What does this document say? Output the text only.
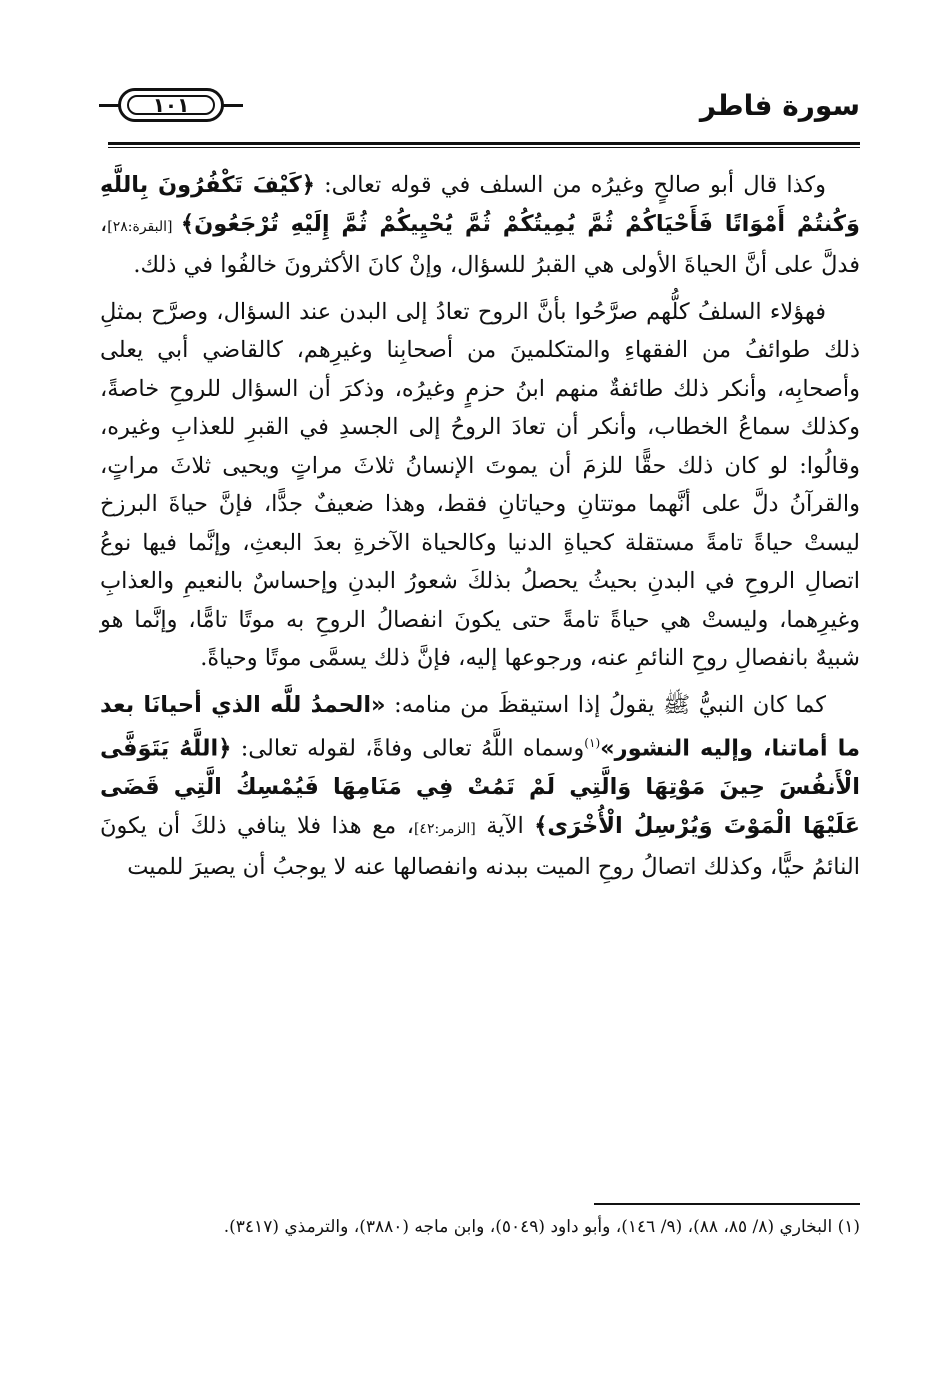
سورة فاطر
١٠١

وكذا قال أبو صالحٍ وغيرُه من السلف في قوله تعالى: ﴿كَيْفَ تَكْفُرُونَ بِاللَّهِ وَكُنتُمْ أَمْوَاتًا فَأَحْيَاكُمْ ثُمَّ يُمِيتُكُمْ ثُمَّ يُحْيِيكُمْ ثُمَّ إِلَيْهِ تُرْجَعُونَ﴾ [البقرة:٢٨]، فدلَّ على أنَّ الحياةَ الأولى هي القبرُ للسؤال، وإنْ كانَ الأكثرونَ خالفُوا في ذلك.

فهؤلاء السلفُ كلُّهم صرَّحُوا بأنَّ الروح تعادُ إلى البدن عند السؤال، وصرَّح بمثلِ ذلك طوائفُ من الفقهاءِ والمتكلمينَ من أصحابِنا وغيرِهم، كالقاضي أبي يعلى وأصحابِه، وأنكر ذلك طائفةٌ منهم ابنُ حزمٍ وغيرُه، وذكرَ أن السؤال للروحِ خاصةً، وكذلك سماعُ الخطاب، وأنكر أن تعادَ الروحُ إلى الجسدِ في القبرِ للعذابِ وغيره، وقالُوا: لو كان ذلك حقًّا للزمَ أن يموتَ الإنسانُ ثلاثَ مراتٍ ويحيى ثلاثَ مراتٍ، والقرآنُ دلَّ على أنَّهما موتتانِ وحياتانِ فقط، وهذا ضعيفٌ جدًّا، فإنَّ حياةَ البرزخ ليستْ حياةً تامةً مستقلة كحياةِ الدنيا وكالحياة الآخرةِ بعدَ البعثِ، وإنَّما فيها نوعُ اتصالِ الروحِ في البدنِ بحيثُ يحصلُ بذلكَ شعورُ البدنِ وإحساسٌ بالنعيمِ والعذابِ وغيرِهما، وليستْ هي حياةً تامةً حتى يكونَ انفصالُ الروحِ به موتًا تامًّا، وإنَّما هو شبيهٌ بانفصالِ روحِ النائمِ عنه، ورجوعها إليه، فإنَّ ذلك يسمَّى موتًا وحياةً.

كما كان النبيُّ ﷺ يقولُ إذا استيقظَ من منامه: «الحمدُ للَّه الذي أحيانَا بعد ما أماتنا، وإليه النشور»$^{(١)}$وسماه اللَّهُ تعالى وفاةً، لقوله تعالى: ﴿اللَّهُ يَتَوَفَّى الْأَنفُسَ حِينَ مَوْتِهَا وَالَّتِي لَمْ تَمُتْ فِي مَنَامِهَا فَيُمْسِكُ الَّتِي قَضَى عَلَيْهَا الْمَوْتَ وَيُرْسِلُ الْأُخْرَى﴾ الآية [الزمر:٤٢]، مع هذا فلا ينافي ذلكَ أن يكونَ النائمُ حيًّا، وكذلك اتصالُ روحِ الميت ببدنه وانفصالها عنه لا يوجبُ أن يصيرَ للميت

(١) البخاري (٨/ ٨٥، ٨٨)، (٩/ ١٤٦)، وأبو داود (٥٠٤٩)، وابن ماجه (٣٨٨٠)، والترمذي (٣٤١٧).
